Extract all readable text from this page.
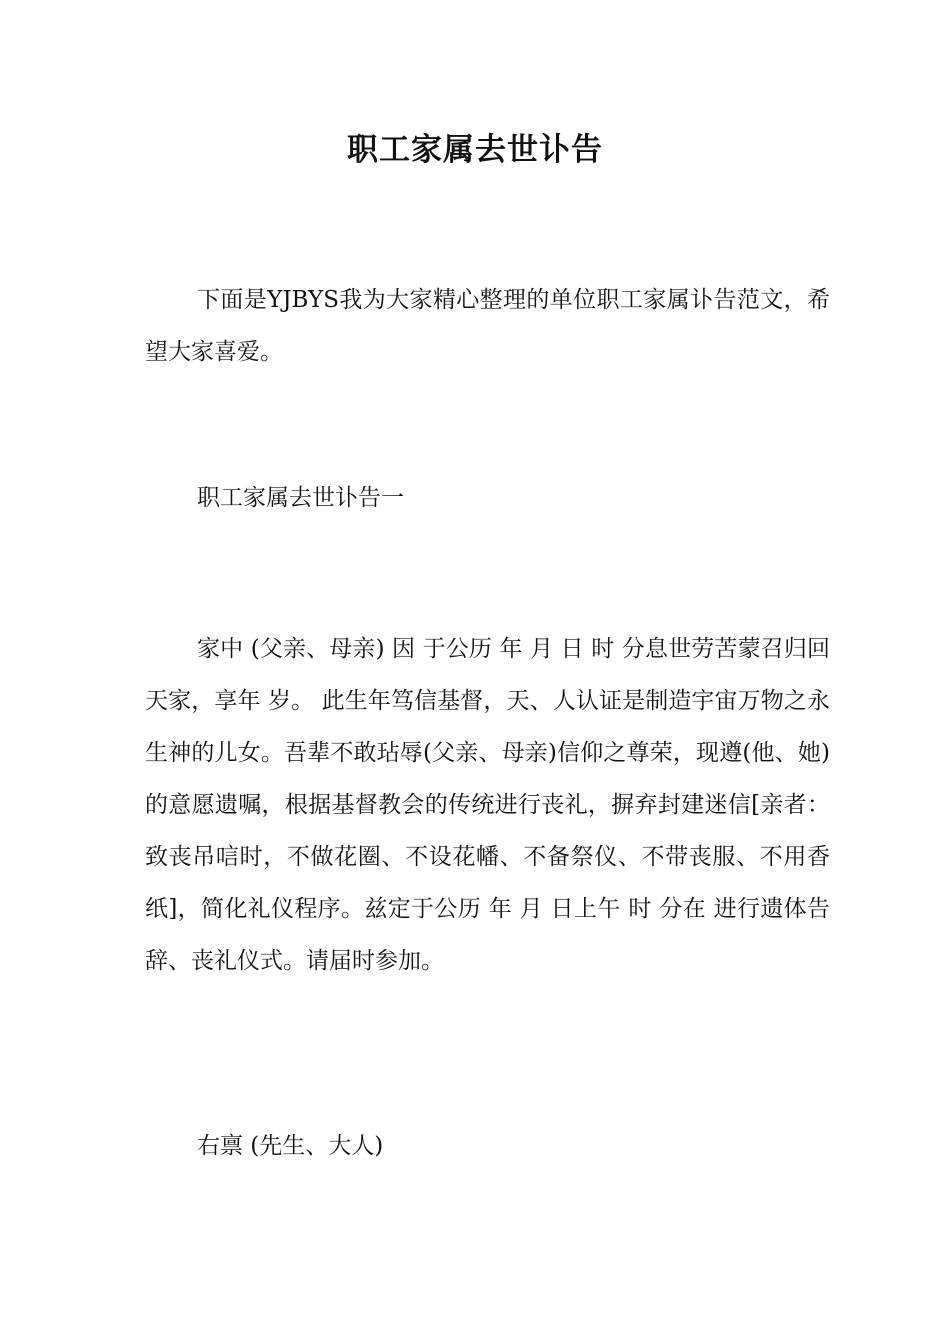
职工家属去世讣告

下面是YJBYS我为大家精心整理的单位职工家属讣告范文，希望大家喜爱。

职工家属去世讣告一

家中 (父亲、母亲) 因 于公历 年 月 日 时 分息世劳苦蒙召归回天家，享年 岁。 此生年笃信基督，天、人认证是制造宇宙万物之永生神的儿女。吾辈不敢玷辱(父亲、母亲)信仰之尊荣，现遵(他、她)的意愿遗嘱，根据基督教会的传统进行丧礼，摒弃封建迷信[亲者：致丧吊唁时，不做花圈、不设花幡、不备祭仪、不带丧服、不用香纸]，简化礼仪程序。兹定于公历 年 月 日上午 时 分在 进行遗体告辞、丧礼仪式。请届时参加。

右禀 (先生、大人)
